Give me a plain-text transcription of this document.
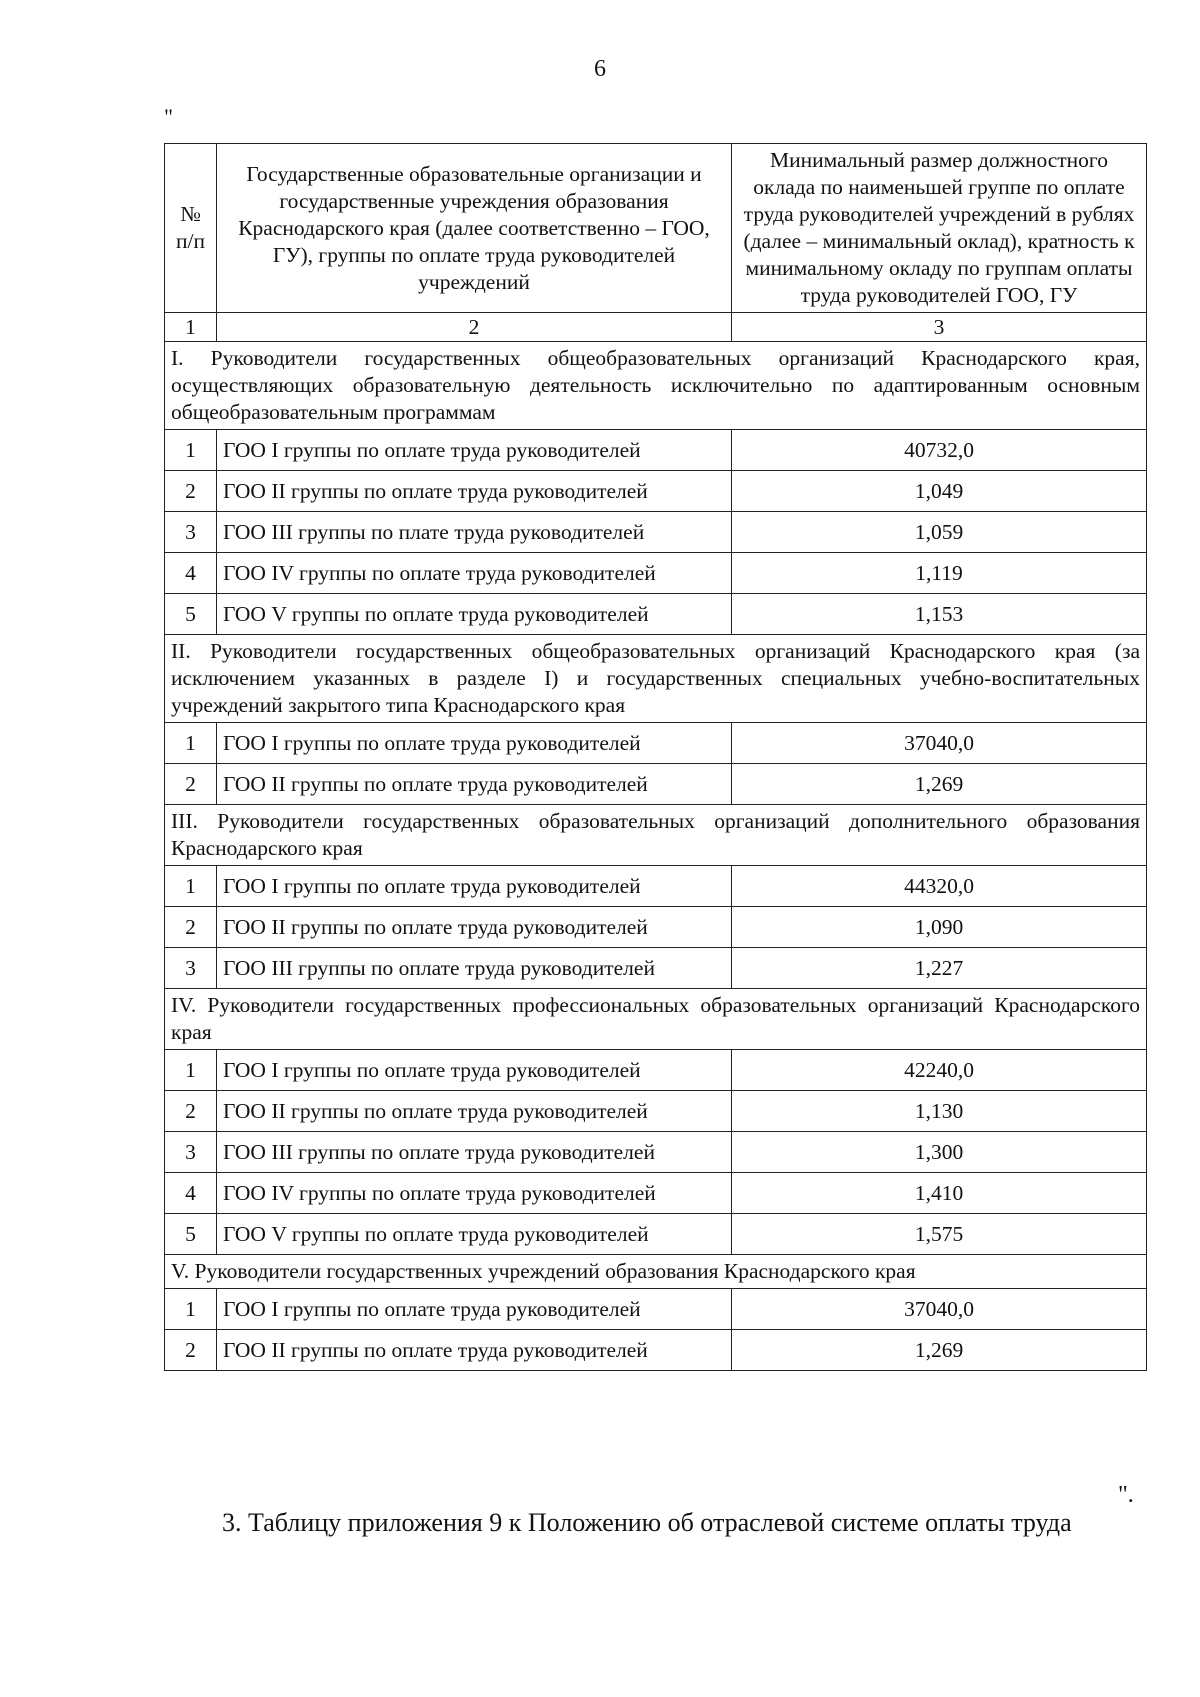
6
"
№ п/п	Государственные образовательные организации и государственные учреждения образования Краснодарского края (далее соответственно – ГОО, ГУ), группы по оплате труда руководителей учреждений	Минимальный размер должностного оклада по наименьшей группе по оплате труда руководителей учреждений в рублях (далее – минимальный оклад), кратность к минимальному окладу по группам оплаты труда руководителей ГОО, ГУ
1	2	3
I. Руководители государственных общеобразовательных организаций Краснодарского края, осуществляющих образовательную деятельность исключительно по адаптированным основным общеобразовательным программам		
1	ГОО I группы по оплате труда руководителей	40732,0
2	ГОО II группы по оплате труда руководителей	1,049
3	ГОО III группы по плате труда руководителей	1,059
4	ГОО IV группы по оплате труда руководителей	1,119
5	ГОО V группы по оплате труда руководителей	1,153
II. Руководители государственных общеобразовательных организаций Краснодарского края (за исключением указанных в разделе I) и государственных специальных учебно-воспитательных учреждений закрытого типа Краснодарского края		
1	ГОО I группы по оплате труда руководителей	37040,0
2	ГОО II группы по оплате труда руководителей	1,269
III. Руководители государственных образовательных организаций дополнительного образования Краснодарского края		
1	ГОО I группы по оплате труда руководителей	44320,0
2	ГОО II группы по оплате труда руководителей	1,090
3	ГОО III группы по оплате труда руководителей	1,227
IV. Руководители государственных профессиональных образовательных организаций Краснодарского края		
1	ГОО I группы по оплате труда руководителей	42240,0
2	ГОО II группы по оплате труда руководителей	1,130
3	ГОО III группы по оплате труда руководителей	1,300
4	ГОО IV группы по оплате труда руководителей	1,410
5	ГОО V группы по оплате труда руководителей	1,575
V. Руководители государственных учреждений образования Краснодарского края		
1	ГОО I группы по оплате труда руководителей	37040,0
2	ГОО II группы по оплате труда руководителей	1,269
".
3. Таблицу приложения 9 к Положению об отраслевой системе оплаты труда
